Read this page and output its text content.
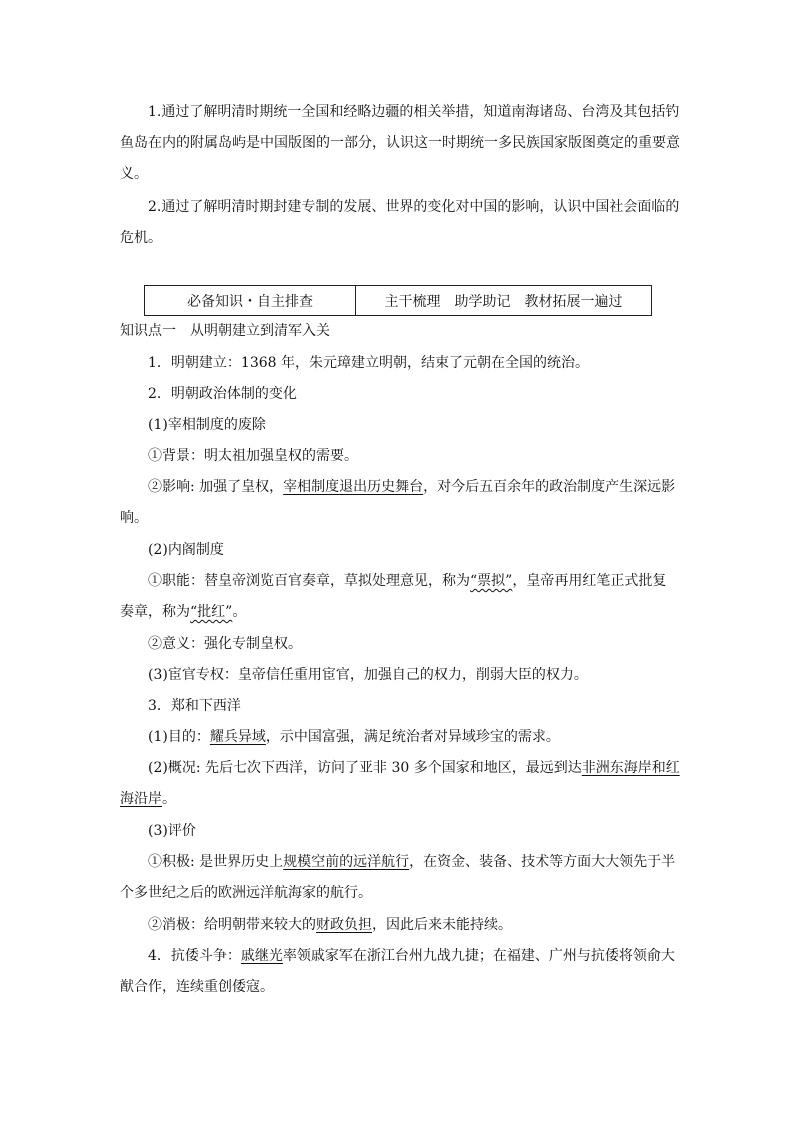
1.通过了解明清时期统一全国和经略边疆的相关举措，知道南海诸岛、台湾及其包括钓鱼岛在内的附属岛屿是中国版图的一部分，认识这一时期统一多民族国家版图奠定的重要意义。

2.通过了解明清时期封建专制的发展、世界的变化对中国的影响，认识中国社会面临的危机。

必备知识・自主排查	主干梳理　助学助记　教材拓展一遍过
知识点一　从明朝建立到清军入关
1．明朝建立：1368 年，朱元璋建立明朝，结束了元朝在全国的统治。
2．明朝政治体制的变化
(1)宰相制度的废除
①背景：明太祖加强皇权的需要。

②影响: 加强了皇权，宰相制度退出历史舞台，对今后五百余年的政治制度产生深远影响。

(2)内阁制度

①职能：替皇帝浏览百官奏章，草拟处理意见，称为“票拟”，皇帝再用红笔正式批复奏章，称为“批红”。

②意义：强化专制皇权。
(3)宦官专权：皇帝信任重用宦官，加强自己的权力，削弱大臣的权力。
3．郑和下西洋

(1)目的：耀兵异域，示中国富强，满足统治者对异域珍宝的需求。

(2)概况: 先后七次下西洋，访问了亚非 30 多个国家和地区，最远到达非洲东海岸和红海沿岸。

(3)评价

①积极: 是世界历史上规模空前的远洋航行，在资金、装备、技术等方面大大领先于半个多世纪之后的欧洲远洋航海家的航行。

②消极：给明朝带来较大的财政负担，因此后来未能持续。

4．抗倭斗争：戚继光率领戚家军在浙江台州九战九捷；在福建、广州与抗倭将领俞大猷合作，连续重创倭寇。
